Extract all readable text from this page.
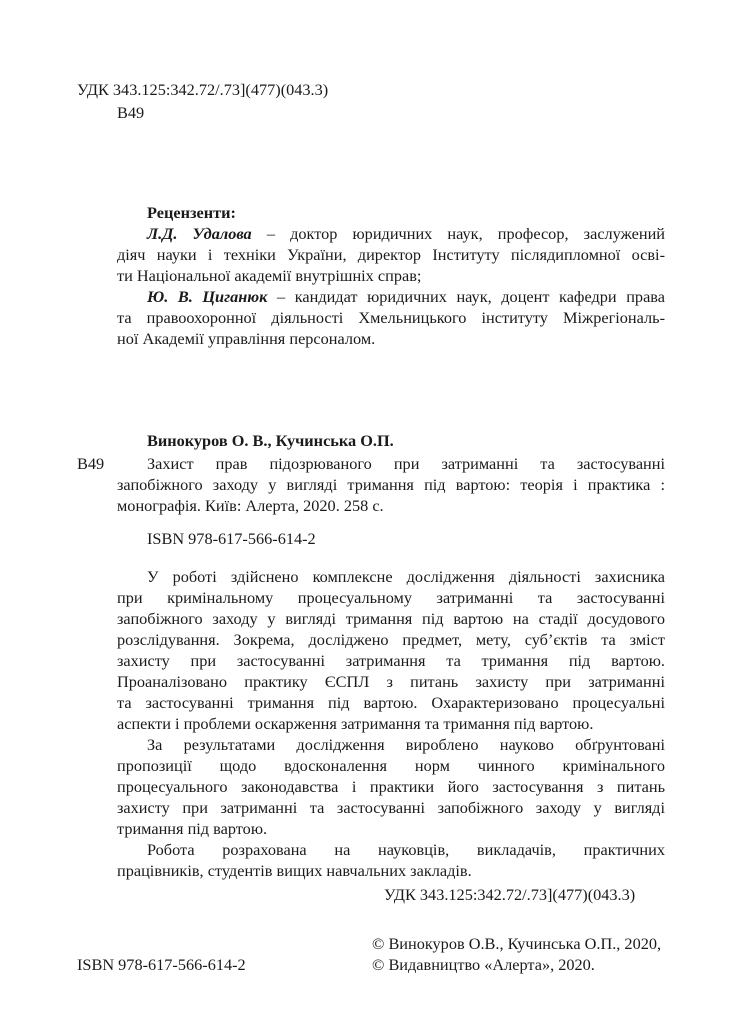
УДК 343.125:342.72/.73](477)(043.3)
В49
Рецензенти:
Л.Д. Удалова – доктор юридичних наук, професор, заслужений
діяч науки і техніки України, директор Інституту післядипломної осві-
ти Національної академії внутрішніх справ;
Ю. В. Циганюк – кандидат юридичних наук, доцент кафедри права
та правоохоронної діяльності Хмельницького інституту Міжрегіональ-
ної Академії управління персоналом.
Винокуров О. В., Кучинська О.П.
В49	Захист прав підозрюваного при затриманні та застосуванні
запобіжного заходу у вигляді тримання під вартою: теорія і практика :
монографія. Київ: Алерта, 2020. 258 с.
ISBN 978-617-566-614-2
У роботі здійснено комплексне дослідження діяльності захисника
при кримінальному процесуальному затриманні та застосуванні
запобіжного заходу у вигляді тримання під вартою на стадії досудового
розслідування. Зокрема, досліджено предмет, мету, суб’єктів та зміст
захисту при застосуванні затримання та тримання під вартою.
Проаналізовано практику ЄСПЛ з питань захисту при затриманні
та застосуванні тримання під вартою. Охарактеризовано процесуальні
аспекти і проблеми оскарження затримання та тримання під вартою.
За результатами дослідження вироблено науково обґрунтовані
пропозиції щодо вдосконалення норм чинного кримінального
процесуального законодавства і практики його застосування з питань
захисту при затриманні та застосуванні запобіжного заходу у вигляді
тримання під вартою.
Робота розрахована на науковців, викладачів, практичних
працівників, студентів вищих навчальних закладів.
УДК 343.125:342.72/.73](477)(043.3)
ISBN 978-617-566-614-2
© Винокуров О.В., Кучинська О.П., 2020,
© Видавництво «Алерта», 2020.
